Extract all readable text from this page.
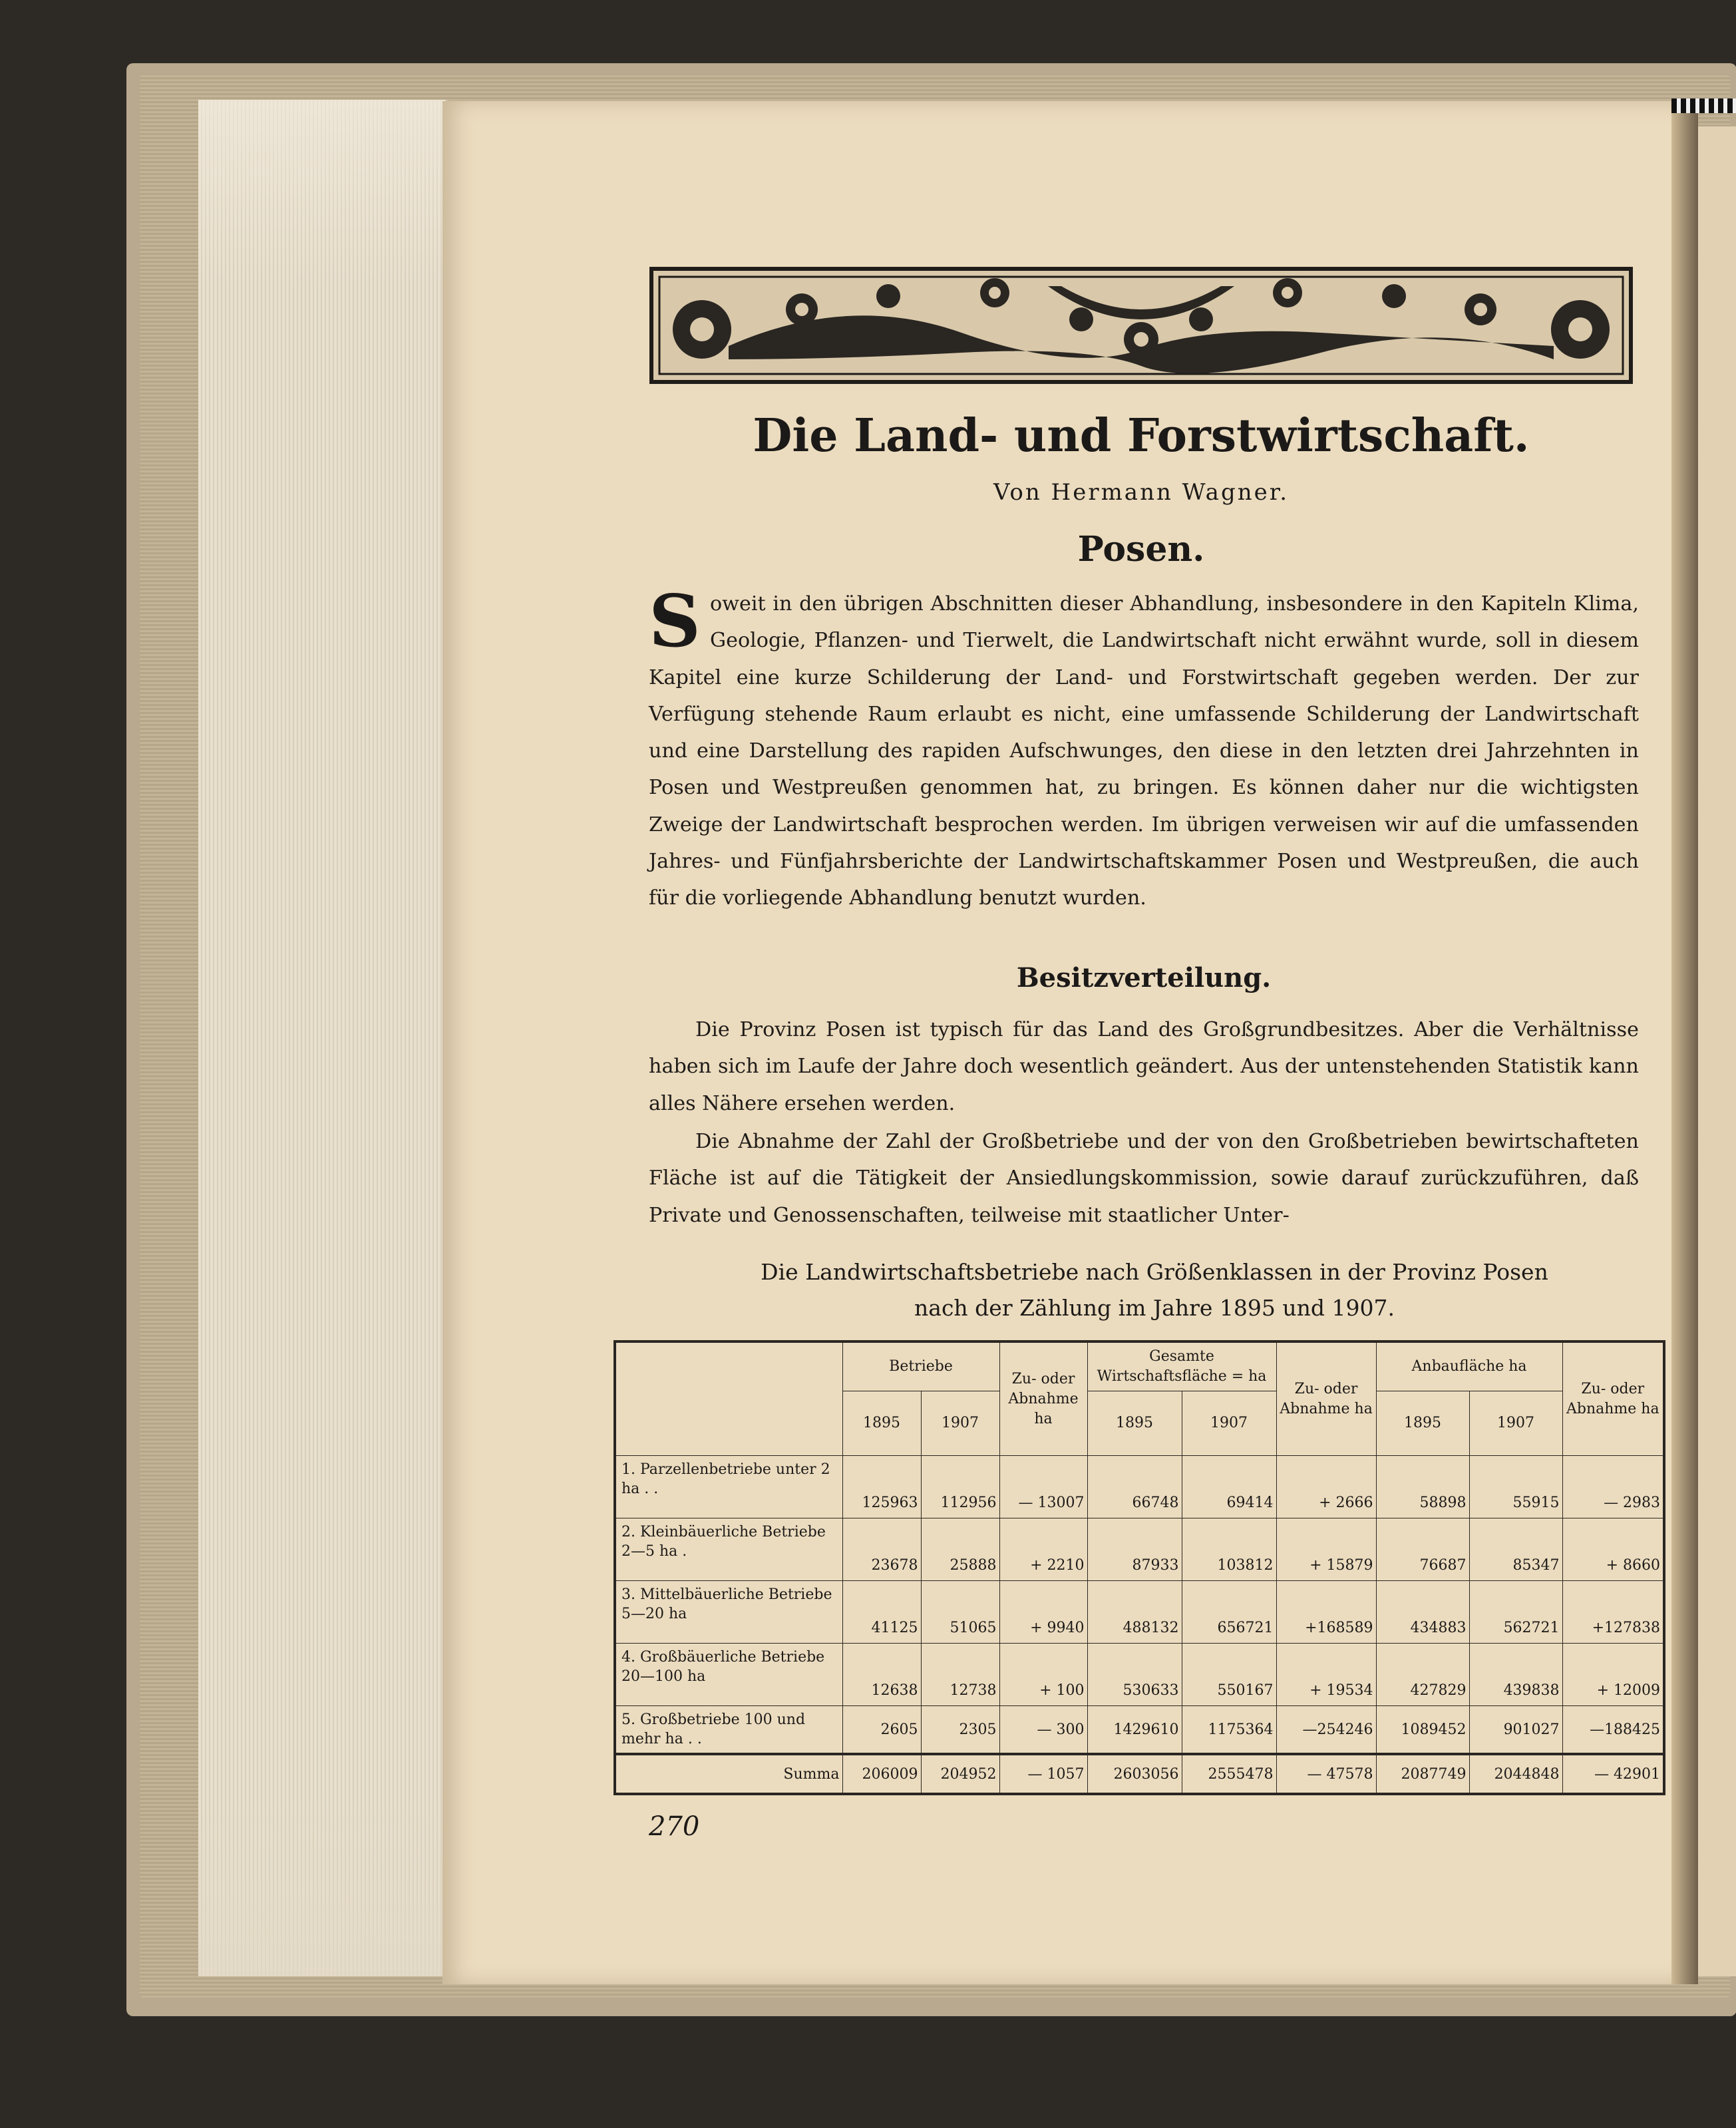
Die Land- und Forstwirtschaft.
Von Hermann Wagner.
Posen.

Soweit in den übrigen Abschnitten dieser Abhandlung, insbesondere in den Kapiteln Klima, Geologie, Pflanzen- und Tierwelt, die Landwirtschaft nicht erwähnt wurde, soll in diesem Kapitel eine kurze Schilderung der Land- und Forstwirtschaft gegeben werden. Der zur Verfügung stehende Raum erlaubt es nicht, eine umfassende Schilderung der Landwirtschaft und eine Darstellung des rapiden Aufschwunges, den diese in den letzten drei Jahrzehnten in Posen und Westpreußen genommen hat, zu bringen. Es können daher nur die wichtigsten Zweige der Landwirtschaft besprochen werden. Im übrigen verweisen wir auf die umfassenden Jahres- und Fünfjahrsberichte der Landwirtschaftskammer Posen und Westpreußen, die auch für die vorliegende Abhandlung benutzt wurden.

Besitzverteilung.

Die Provinz Posen ist typisch für das Land des Großgrundbesitzes. Aber die Verhältnisse haben sich im Laufe der Jahre doch wesentlich geändert. Aus der untenstehenden Statistik kann alles Nähere ersehen werden.

Die Abnahme der Zahl der Großbetriebe und der von den Großbetrieben bewirtschafteten Fläche ist auf die Tätigkeit der Ansiedlungskommission, sowie darauf zurückzuführen, daß Private und Genossenschaften, teilweise mit staatlicher Unter-

Die Landwirtschaftsbetriebe nach Größenklassen in der Provinz Posen
nach der Zählung im Jahre 1895 und 1907.
	Betriebe		Zu- oder Abnahme ha	Gesamte Wirtschaftsfläche = ha		Zu- oder Abnahme ha	Anbaufläche ha		Zu- oder Abnahme ha
	1895	1907		1895	1907		1895	1907	
1. Parzellenbetriebe unter 2 ha . .	125963	112956	— 13007	66748	69414	+ 2666	58898	55915	— 2983
2. Kleinbäuerliche Betriebe 2—5 ha .	23678	25888	+ 2210	87933	103812	+ 15879	76687	85347	+ 8660
3. Mittelbäuerliche Betriebe 5—20 ha	41125	51065	+ 9940	488132	656721	+168589	434883	562721	+127838
4. Großbäuerliche Betriebe 20—100 ha	12638	12738	+ 100	530633	550167	+ 19534	427829	439838	+ 12009
5. Großbetriebe 100 und mehr ha . .	2605	2305	— 300	1429610	1175364	—254246	1089452	901027	—188425
Summa	206009	204952	— 1057	2603056	2555478	— 47578	2087749	2044848	— 42901
270
